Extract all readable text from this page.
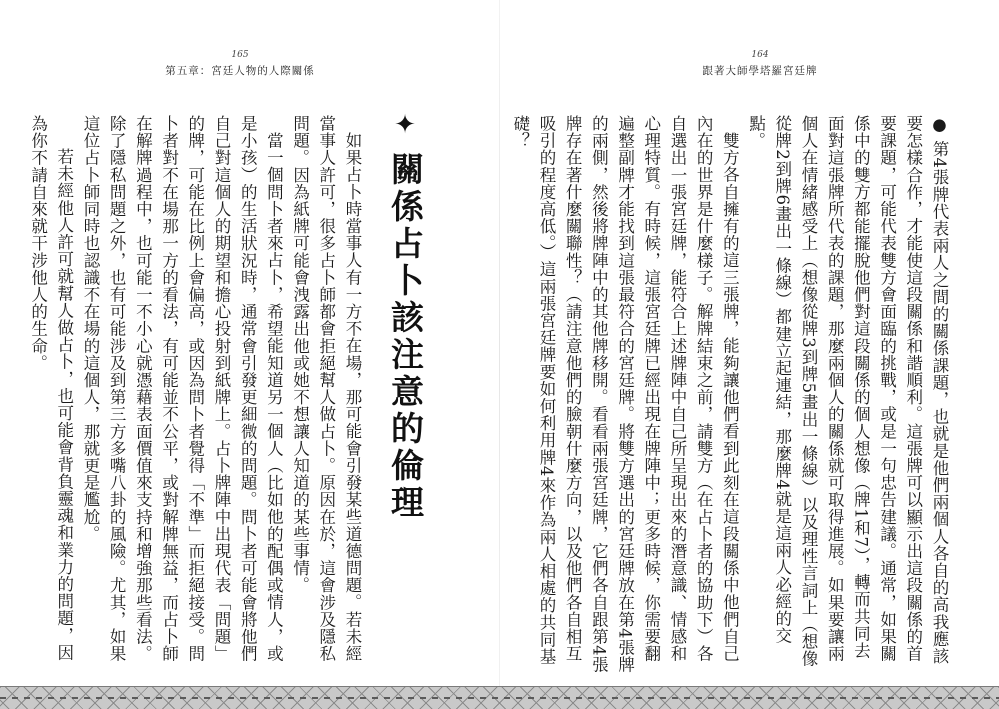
165
第五章：宮廷人物的人際關係
✦關係占卜該注意的倫理

如果占卜時當事人有一方不在場，那可能會引發某些道德問題。若未經當事人許可，很多占卜師都會拒絕幫人做占卜。原因在於，這會涉及隱私問題。因為紙牌可能會洩露出他或她不想讓人知道的某些事情。

當一個問卜者來占卜，希望能知道另一個人（比如他的配偶或情人，或是小孩）的生活狀況時，通常會引發更細微的問題。問卜者可能會將他們自己對這個人的期望和擔心投射到紙牌上。占卜牌陣中出現代表「問題」的牌，可能在比例上會偏高，或因為問卜者覺得「不準」而拒絕接受。問卜者對不在場那一方的看法，有可能並不公平，或對解牌無益，而占卜師在解牌過程中，也可能一不小心就憑藉表面價值來支持和增強那些看法。除了隱私問題之外，也有可能涉及到第三方多嘴八卦的風險。尤其，如果這位占卜師同時也認識不在場的這個人，那就更是尷尬。

若未經他人許可就幫人做占卜，也可能會背負靈魂和業力的問題，因為你不請自來就干涉他人的生命。

164
跟著大師學塔羅宮廷牌

● 第4張牌代表兩人之間的關係課題，也就是他們兩個人各自的高我應該要怎樣合作，才能使這段關係和諧順利。這張牌可以顯示出這段關係的首要課題，可能代表雙方會面臨的挑戰，或是一句忠告建議。通常，如果關係中的雙方都能擺脫他們對這段關係的個人想像（牌1和7），轉而共同去面對這張牌所代表的課題，那麼兩個人的關係就可取得進展。如果要讓兩個人在情緒感受上（想像從牌3到牌5畫出一條線）以及理性言詞上（想像從牌2到牌6畫出一條線）都建立起連結，那麼牌4就是這兩人必經的交點。

雙方各自擁有的這三張牌，能夠讓他們看到此刻在這段關係中他們自己內在的世界是什麼樣子。解牌結束之前，請雙方（在占卜者的協助下）各自選出一張宮廷牌，能符合上述牌陣中自己所呈現出來的潛意識、情感和心理特質。有時候，這張宮廷牌已經出現在牌陣中；更多時候，你需要翻遍整副牌才能找到這張最符合的宮廷牌。將雙方選出的宮廷牌放在第4張牌的兩側，然後將牌陣中的其他牌移開。看看兩張宮廷牌，它們各自跟第4張牌存在著什麼關聯性？（請注意他們的臉朝什麼方向，以及他們各自相互吸引的程度高低。）這兩張宮廷牌要如何利用牌4來作為兩人相處的共同基礎？
